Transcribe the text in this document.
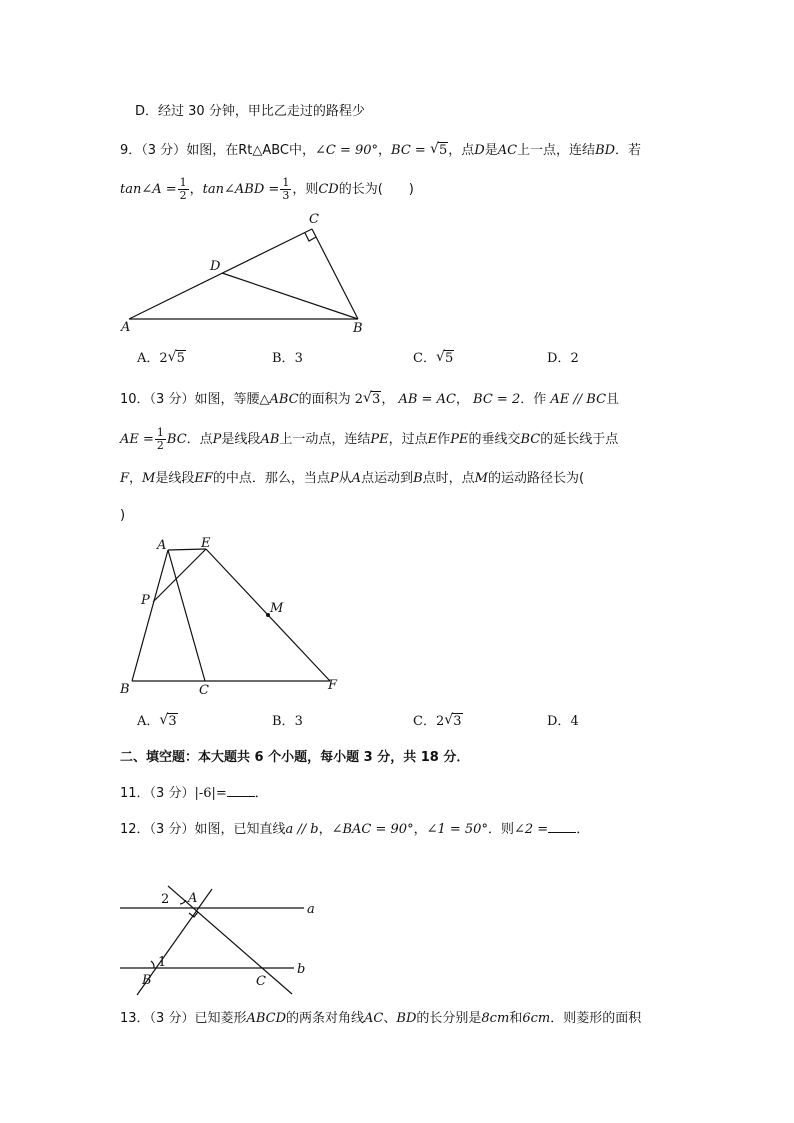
D．经过 30 分钟，甲比乙走过的路程少
9．（3 分）如图，在Rt△ABC中，∠C = 90°，BC = √ 5，点D是AC上一点，连结BD．若
tan∠A = $\frac{1}{2}$ ，tan∠ABD = $\frac{1}{3}$ ，则CD的长为(　　)
C
D
A	B
A．2 √ 5	B．3	C． √ 5	D．2
10．（3 分）如图，等腰△ABC的面积为 2 √ 3， AB = AC， BC = 2．作 AE // BC且
AE = $\frac{1}{2}$ BC．点P是线段AB上一动点，连结PE，过点E作PE的垂线交BC的延长线于点
F，M是线段EF的中点．那么，当点P从A点运动到B点时，点M的运动路径长为(
)
A	E
P
M
B	C	F
A． √ 3	B．3	C．2 √ 3	D．4
二、填空题：本大题共 6 个小题，每小题 3 分，共 18 分．
11．（3 分）|-6|= ．
12．（3 分）如图，已知直线a // b，∠BAC = 90°，∠1 = 50°．则∠2 = ．
2 A
a
1
B	C
b
13．（3 分）已知菱形ABCD的两条对角线AC、BD的长分别是8cm和6cm．则菱形的面积
